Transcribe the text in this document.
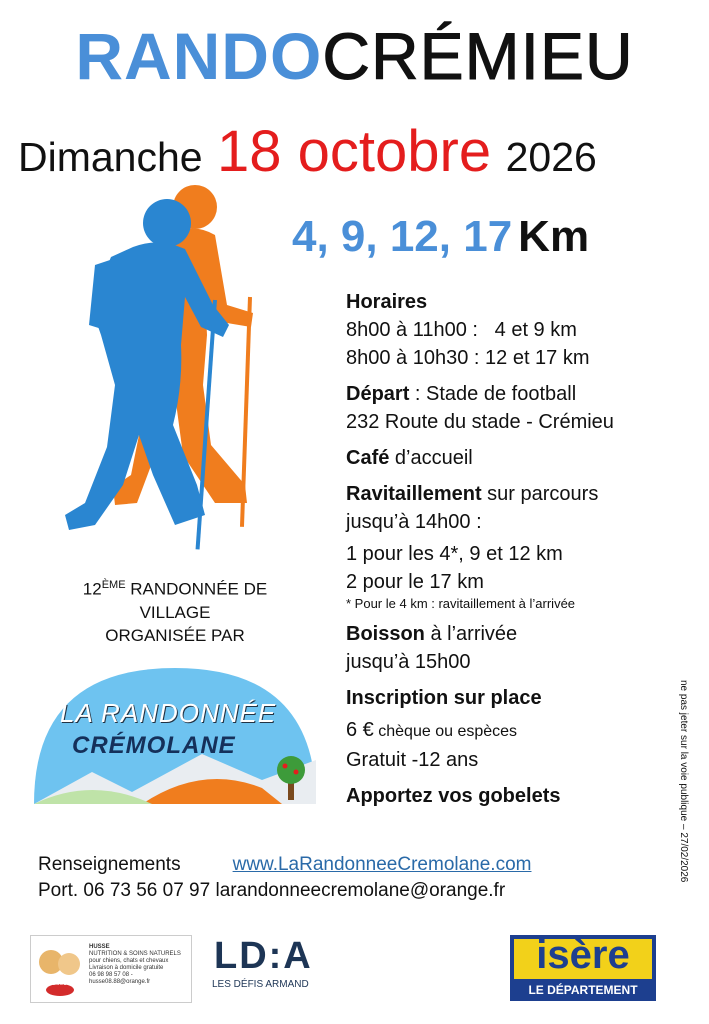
RANDOCRÉMIEU
Dimanche 18 octobre 2026
4, 9, 12, 17 Km
Horaires
8h00 à 11h00 :   4 et 9 km
8h00 à 10h30 : 12 et 17 km
Départ : Stade de football
232 Route du stade - Crémieu
Café d’accueil
Ravitaillement sur parcours
jusqu’à 14h00 :
1 pour les 4*, 9 et 12 km
2 pour le 17 km
* Pour le 4 km : ravitaillement à l’arrivée
Boisson à l’arrivée
jusqu’à 15h00
Inscription sur place
6 € chèque ou espèces
Gratuit -12 ans
Apportez vos gobelets
12ÈME RANDONNÉE DE
VILLAGE
ORGANISÉE PAR
LA RANDONNÉE
CRÉMOLANE	ne pas jeter sur la voie publique – 27/02/2026
Renseignements	www.LaRandonneeCremolane.com
Port. 06 73 56 07 97 larandonneecremolane@orange.fr
Husse
HUSSE
NUTRITION & SOINS NATURELS
pour chiens, chats et chevaux
Livraison à domicile gratuite
06 98 98 57 08 - husse08.88@orange.fr
LD:A
LES DÉFIS ARMAND
isère
LE DÉPARTEMENT
